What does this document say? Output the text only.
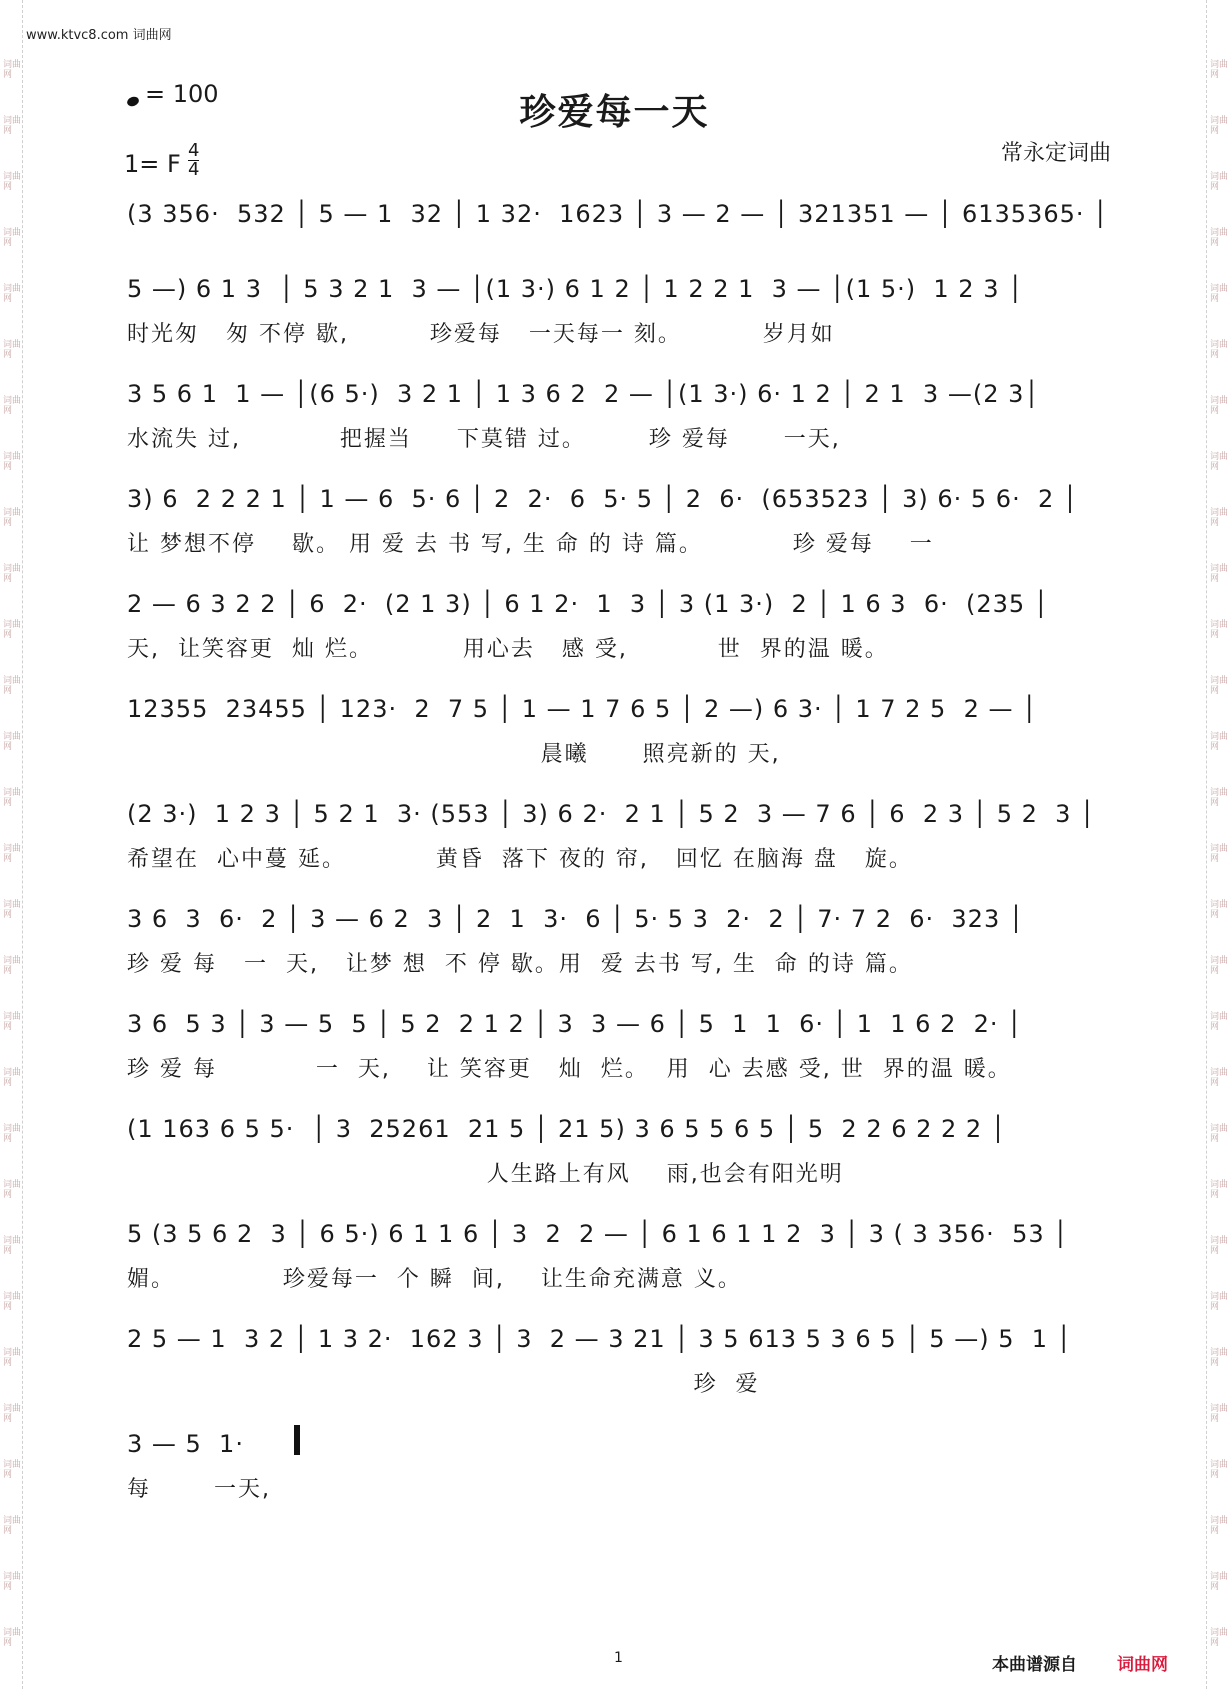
词曲网
词曲网
词曲网
词曲网
词曲网
词曲网
词曲网
词曲网
词曲网
词曲网
词曲网
词曲网
词曲网
词曲网
词曲网
词曲网
词曲网
词曲网
词曲网
词曲网
词曲网
词曲网
词曲网
词曲网
词曲网
词曲网
词曲网
词曲网
词曲网
词曲网
词曲网
词曲网
词曲网
词曲网
词曲网
词曲网
词曲网
词曲网
词曲网
词曲网
词曲网
词曲网
词曲网
词曲网
词曲网
词曲网
词曲网
词曲网
词曲网
词曲网
词曲网
词曲网
词曲网
词曲网
词曲网
词曲网
词曲网
词曲网
www.ktvc8.com 词曲网
= 100	珍爱每一天
1= F 4
4
常永定词曲
(3 356·  532 │ 5 — 1  32 │ 1 32·  1623 │ 3 — 2 — │ 321351 — │ 6135365· │
5 —) 6 1 3  │ 5 3 2 1  3 — │(1 3·) 6 1 2 │ 1 2 2 1  3 — │(1 5·)  1 2 3 │
时光匆   匆 不停 歇,         珍爱每   一天每一 刻。         岁月如
3 5 6 1  1 — │(6 5·)  3 2 1 │ 1 3 6 2  2 — │(1 3·) 6· 1 2 │ 2 1  3 —(2 3│
水流失 过,           把握当     下莫错 过。       珍 爱每      一天,
3) 6  2 2 2 1 │ 1 — 6  5· 6 │ 2  2·  6  5· 5 │ 2  6·  (653523 │ 3) 6· 5 6·  2 │
让 梦想不停    歇。 用 爱 去 书 写, 生 命 的 诗 篇。          珍 爱每    一
2 — 6 3 2 2 │ 6  2·  (2 1 3) │ 6 1 2·  1  3 │ 3 (1 3·)  2 │ 1 6 3  6·  (235 │
天,  让笑容更  灿 烂。          用心去   感 受,          世  界的温 暖。
12355  23455 │ 123·  2  7 5 │ 1 — 1 7 6 5 │ 2 —) 6 3· │ 1 7 2 5  2 — │
晨曦      照亮新的 天,
(2 3·)  1 2 3 │ 5 2 1  3· (553 │ 3) 6 2·  2 1 │ 5 2  3 — 7 6 │ 6  2 3 │ 5 2  3 │
希望在  心中蔓 延。          黄昏  落下 夜的 帘,   回忆 在脑海 盘   旋。
3 6  3  6·  2 │ 3 — 6 2  3 │ 2  1  3·  6 │ 5· 5 3  2·  2 │ 7· 7 2  6·  323 │
珍 爱 每   一  天,   让梦 想  不 停 歇。用  爱 去书 写, 生  命 的诗 篇。
3 6  5 3 │ 3 — 5  5 │ 5 2  2 1 2 │ 3  3 — 6 │ 5  1  1  6· │ 1  1 6 2  2· │
珍 爱 每           一  天,    让 笑容更   灿  烂。  用  心 去感 受, 世  界的温 暖。
(1 163 6 5 5·  │ 3  25261  21 5 │ 21 5) 3 6 5 5 6 5 │ 5  2 2 6 2 2 2 │
人生路上有风    雨,也会有阳光明
5 (3 5 6 2  3 │ 6 5·) 6 1 1 6 │ 3  2  2 — │ 6 1 6 1 1 2  3 │ 3 ( 3 356·  53 │
媚。            珍爱每一  个 瞬  间,    让生命充满意 义。
2 5 — 1  3 2 │ 1 3 2·  162 3 │ 3  2 — 3 21 │ 3 5 613 5 3 6 5 │ 5 —) 5  1 │
珍  爱
3 — 5  1·
每       一天,
1	本曲谱源自 词曲网
